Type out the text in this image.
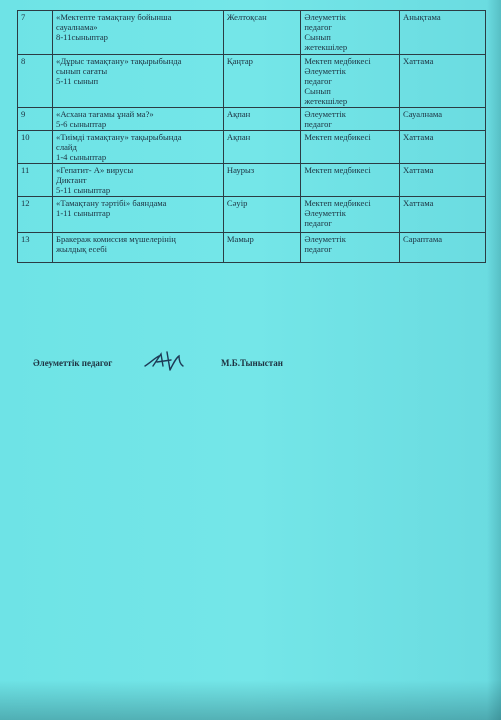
7	«Мектепте тамақтану бойынша
сауалнама»
8-11сыныптар	Желтоқсан	Әлеуметтік
педагог
Сынып
жетекшілер	Анықтама
8	«Дұрыс тамақтану» тақырыбында
сынып сағаты
5-11 сынып	Қаңтар	Мектеп медбикесі
Әлеуметтік
педагог
Сынып
жетекшілер	Хаттама
9	«Асхана тағамы ұнай ма?»
5-6 сыныптар	Ақпан	Әлеуметтік
педагог	Сауалнама
10	«Тиімді тамақтану» тақырыбында
слайд
1-4 сыныптар	Ақпан	Мектеп медбикесі	Хаттама
11	«Гепатит- А» вирусы
Диктант
5-11 сыныптар	Наурыз	Мектеп медбикесі	Хаттама
12	«Тамақтану тәртібі» баяндама
1-11 сыныптар	Сәуір	Мектеп медбикесі
Әлеуметтік
педагог	Хаттама
13	Бракераж комиссия мүшелерінің
жылдық есебі	Мамыр	Әлеуметтік
педагог	Сараптама
Әлеуметтік педагог	М.Б.Тыныстан
